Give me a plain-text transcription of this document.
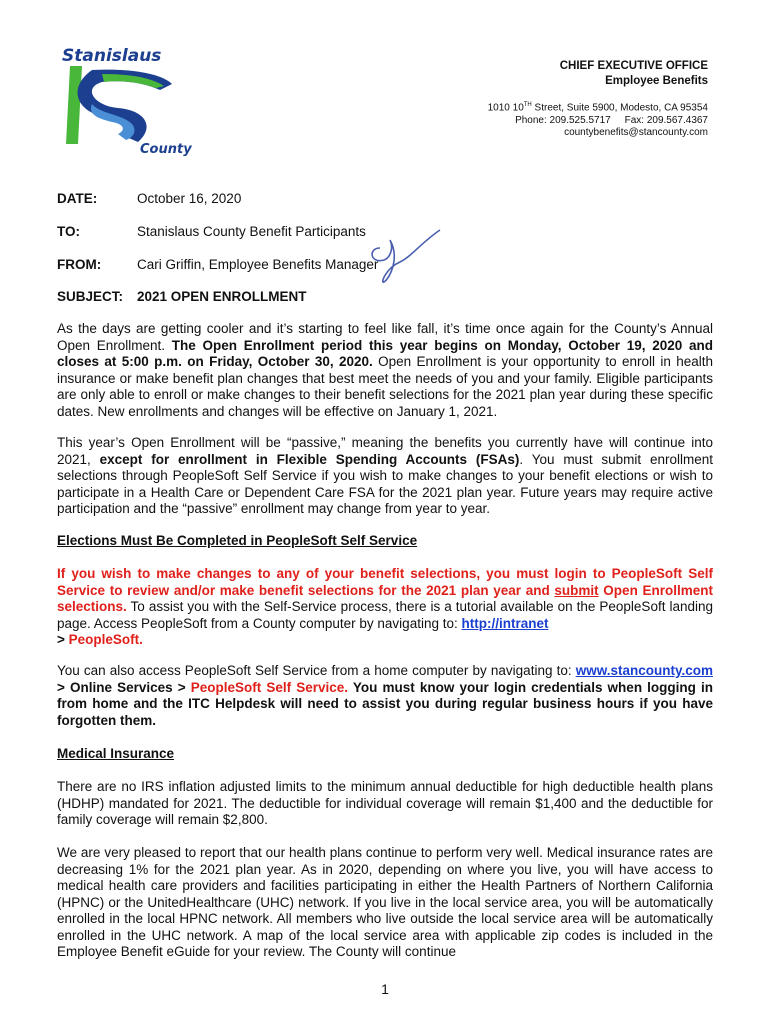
Stanislaus
County
CHIEF EXECUTIVE OFFICE
Employee Benefits
1010 10TH Street, Suite 5900, Modesto, CA 95354
Phone: 209.525.5717     Fax: 209.567.4367
countybenefits@stancounty.com
DATE:	October 16, 2020
TO:	Stanislaus County Benefit Participants
FROM:	Cari Griffin, Employee Benefits Manager
SUBJECT: 2021 OPEN ENROLLMENT
As the days are getting cooler and it’s starting to feel like fall, it’s time once again for the County’s Annual Open Enrollment. The Open Enrollment period this year begins on Monday, October 19, 2020 and closes at 5:00 p.m. on Friday, October 30, 2020. Open Enrollment is your opportunity to enroll in health insurance or make benefit plan changes that best meet the needs of you and your family. Eligible participants are only able to enroll or make changes to their benefit selections for the 2021 plan year during these specific dates. New enrollments and changes will be effective on January 1, 2021.
This year’s Open Enrollment will be “passive,” meaning the benefits you currently have will continue into 2021, except for enrollment in Flexible Spending Accounts (FSAs). You must submit enrollment selections through PeopleSoft Self Service if you wish to make changes to your benefit elections or wish to participate in a Health Care or Dependent Care FSA for the 2021 plan year. Future years may require active participation and the “passive” enrollment may change from year to year.
Elections Must Be Completed in PeopleSoft Self Service
If you wish to make changes to any of your benefit selections, you must login to PeopleSoft Self Service to review and/or make benefit selections for the 2021 plan year and submit Open Enrollment selections. To assist you with the Self-Service process, there is a tutorial available on the PeopleSoft landing page. Access PeopleSoft from a County computer by navigating to: http://intranet
> PeopleSoft.
You can also access PeopleSoft Self Service from a home computer by navigating to: www.stancounty.com > Online Services > PeopleSoft Self Service. You must know your login credentials when logging in from home and the ITC Helpdesk will need to assist you during regular business hours if you have forgotten them.
Medical Insurance
There are no IRS inflation adjusted limits to the minimum annual deductible for high deductible health plans (HDHP) mandated for 2021. The deductible for individual coverage will remain $1,400 and the deductible for family coverage will remain $2,800.
We are very pleased to report that our health plans continue to perform very well. Medical insurance rates are decreasing 1% for the 2021 plan year. As in 2020, depending on where you live, you will have access to medical health care providers and facilities participating in either the Health Partners of Northern California (HPNC) or the UnitedHealthcare (UHC) network. If you live in the local service area, you will be automatically enrolled in the local HPNC network. All members who live outside the local service area will be automatically enrolled in the UHC network. A map of the local service area with applicable zip codes is included in the Employee Benefit eGuide for your review. The County will continue
1
